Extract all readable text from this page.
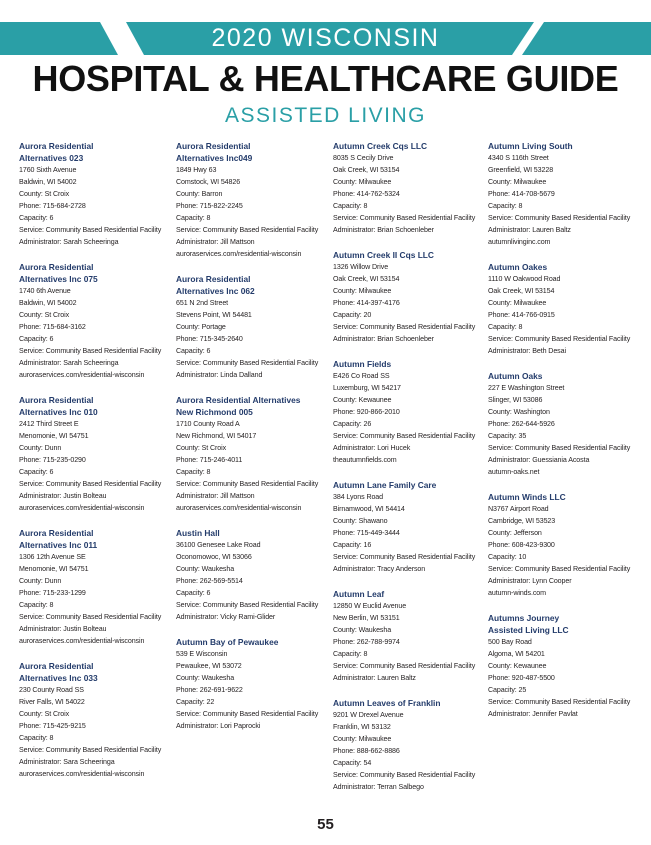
2020 WISCONSIN
HOSPITAL & HEALTHCARE GUIDE
ASSISTED LIVING
Aurora Residential
Alternatives 023
1760 Sixth Avenue
Baldwin, WI 54002
County: St Croix
Phone: 715-684-2728
Capacity: 6
Service: Community Based Residential Facility
Administrator: Sarah Scheeringa
Aurora Residential
Alternatives Inc 075
1740 6th Avenue
Baldwin, WI 54002
County: St Croix
Phone: 715-684-3162
Capacity: 6
Service: Community Based Residential Facility
Administrator: Sarah Scheeringa
auroraservices.com/residential-wisconsin
Aurora Residential
Alternatives Inc 010
2412 Third Street E
Menomonie, WI 54751
County: Dunn
Phone: 715-235-0290
Capacity: 6
Service: Community Based Residential Facility
Administrator: Justin Bolteau
auroraservices.com/residential-wisconsin
Aurora Residential
Alternatives Inc 011
1306 12th Avenue SE
Menomonie, WI 54751
County: Dunn
Phone: 715-233-1299
Capacity: 8
Service: Community Based Residential Facility
Administrator: Justin Bolteau
auroraservices.com/residential-wisconsin
Aurora Residential
Alternatives Inc 033
230 County Road SS
River Falls, WI 54022
County: St Croix
Phone: 715-425-9215
Capacity: 8
Service: Community Based Residential Facility
Administrator: Sara Scheeringa
auroraservices.com/residential-wisconsin
Aurora Residential
Alternatives Inc049
1849 Hwy 63
Comstock, WI 54826
County: Barron
Phone: 715-822-2245
Capacity: 8
Service: Community Based Residential Facility
Administrator: Jill Mattson
auroraservices.com/residential-wisconsin
Aurora Residential
Alternatives Inc 062
651 N 2nd Street
Stevens Point, WI 54481
County: Portage
Phone: 715-345-2640
Capacity: 6
Service: Community Based Residential Facility
Administrator: Linda Dalland
Aurora Residential Alternatives
New Richmond 005
1710 County Road A
New Richmond, WI 54017
County: St Croix
Phone: 715-246-4011
Capacity: 8
Service: Community Based Residential Facility
Administrator: Jill Mattson
auroraservices.com/residential-wisconsin
Austin Hall
36100 Genesee Lake Road
Oconomowoc, WI 53066
County: Waukesha
Phone: 262-569-5514
Capacity: 6
Service: Community Based Residential Facility
Administrator: Vicky Rami-Glider
Autumn Bay of Pewaukee
539 E Wisconsin
Pewaukee, WI 53072
County: Waukesha
Phone: 262-691-9622
Capacity: 22
Service: Community Based Residential Facility
Administrator: Lori Paprocki
Autumn Creek Cqs LLC
8035 S Cecily Drive
Oak Creek, WI 53154
County: Milwaukee
Phone: 414-762-5324
Capacity: 8
Service: Community Based Residential Facility
Administrator: Brian Schoenleber
Autumn Creek II Cqs LLC
1326 Willow Drive
Oak Creek, WI 53154
County: Milwaukee
Phone: 414-397-4176
Capacity: 20
Service: Community Based Residential Facility
Administrator: Brian Schoenleber
Autumn Fields
E426 Co Road SS
Luxemburg, WI 54217
County: Kewaunee
Phone: 920-866-2010
Capacity: 26
Service: Community Based Residential Facility
Administrator: Lori Hucek
theautumnfields.com
Autumn Lane Family Care
384 Lyons Road
Birnamwood, WI 54414
County: Shawano
Phone: 715-449-3444
Capacity: 16
Service: Community Based Residential Facility
Administrator: Tracy Anderson
Autumn Leaf
12850 W Euclid Avenue
New Berlin, WI 53151
County: Waukesha
Phone: 262-788-9974
Capacity: 8
Service: Community Based Residential Facility
Administrator: Lauren Baltz
Autumn Leaves of Franklin
9201 W Drexel Avenue
Franklin, WI 53132
County: Milwaukee
Phone: 888-662-8886
Capacity: 54
Service: Community Based Residential Facility
Administrator: Terran Salbego
Autumn Living South
4340 S 116th Street
Greenfield, WI 53228
County: Milwaukee
Phone: 414-708-5679
Capacity: 8
Service: Community Based Residential Facility
Administrator: Lauren Baltz
autumnlivinginc.com
Autumn Oakes
1110 W Oakwood Road
Oak Creek, WI 53154
County: Milwaukee
Phone: 414-766-0915
Capacity: 8
Service: Community Based Residential Facility
Administrator: Beth Desai
Autumn Oaks
227 E Washington Street
Slinger, WI 53086
County: Washington
Phone: 262-644-5926
Capacity: 35
Service: Community Based Residential Facility
Administrator: Guessiania Acosta
autumn-oaks.net
Autumn Winds LLC
N3767 Airport Road
Cambridge, WI 53523
County: Jefferson
Phone: 608-423-9300
Capacity: 10
Service: Community Based Residential Facility
Administrator: Lynn Cooper
autumn-winds.com
Autumns Journey
Assisted Living LLC
500 Bay Road
Algoma, WI 54201
County: Kewaunee
Phone: 920-487-5500
Capacity: 25
Service: Community Based Residential Facility
Administrator: Jennifer Pavlat
55
